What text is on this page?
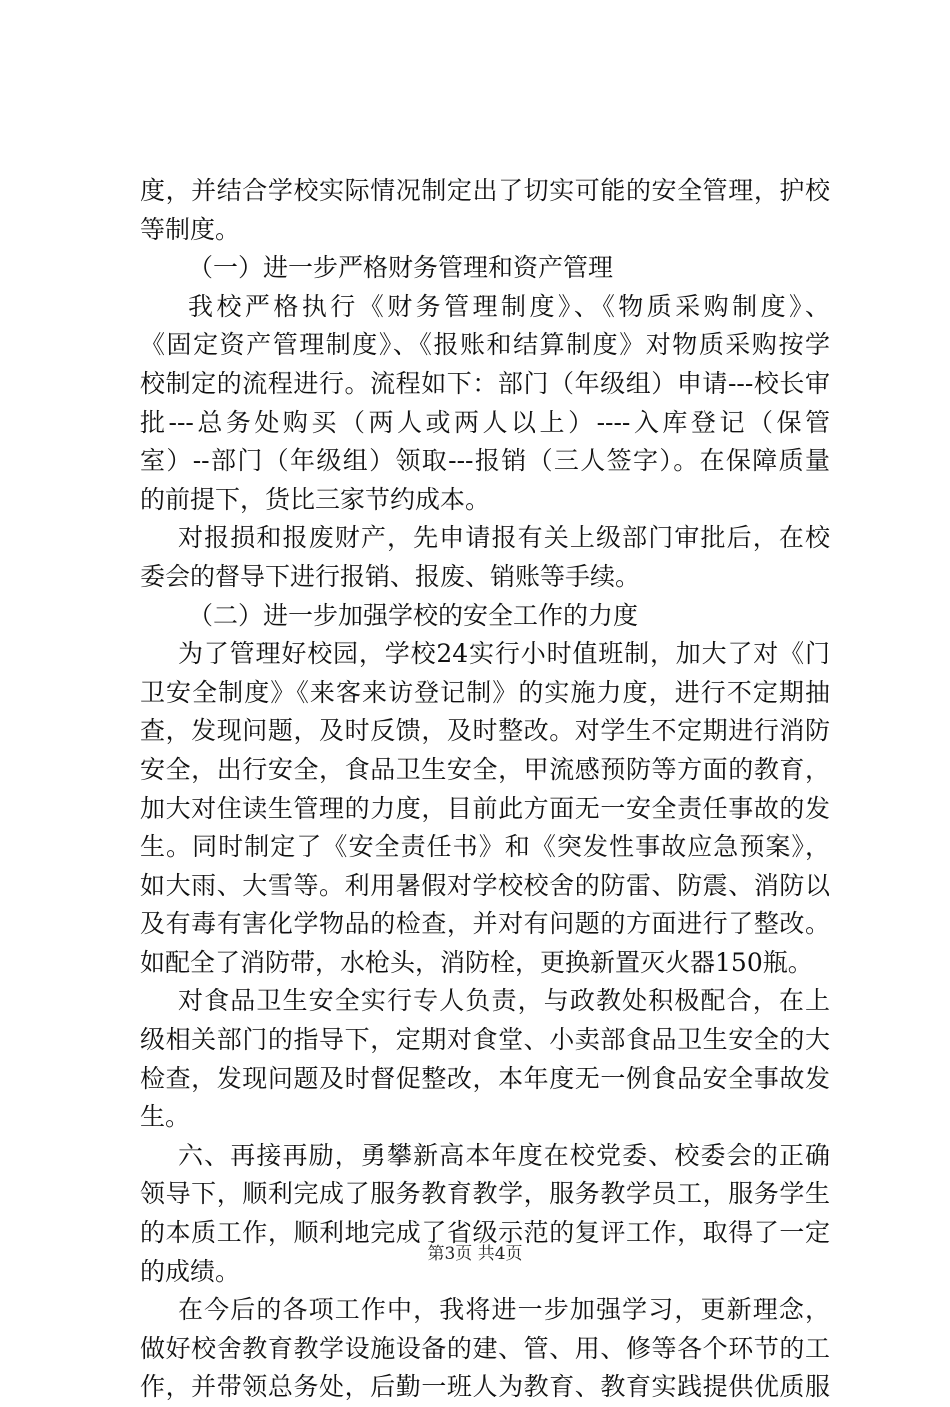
度，并结合学校实际情况制定出了切实可能的安全管理，护校
等制度。
（一）进一步严格财务管理和资产管理
我校严格执行《财务管理制度》、《物质采购制度》、
《固定资产管理制度》、《报账和结算制度》对物质采购按学
校制定的流程进行。流程如下：部门（年级组）申请---校长审
批---总务处购买（两人或两人以上）----入库登记（保管
室）--部门（年级组）领取---报销（三人签字）。在保障质量
的前提下，货比三家节约成本。
对报损和报废财产，先申请报有关上级部门审批后，在校
委会的督导下进行报销、报废、销账等手续。
（二）进一步加强学校的安全工作的力度
为了管理好校园，学校24实行小时值班制，加大了对《门
卫安全制度》《来客来访登记制》的实施力度，进行不定期抽
查，发现问题，及时反馈，及时整改。对学生不定期进行消防
安全，出行安全，食品卫生安全，甲流感预防等方面的教育，
加大对住读生管理的力度，目前此方面无一安全责任事故的发
生。同时制定了《安全责任书》和《突发性事故应急预案》，
如大雨、大雪等。利用暑假对学校校舍的防雷、防震、消防以
及有毒有害化学物品的检查，并对有问题的方面进行了整改。
如配全了消防带，水枪头，消防栓，更换新置灭火器150瓶。
对食品卫生安全实行专人负责，与政教处积极配合，在上
级相关部门的指导下，定期对食堂、小卖部食品卫生安全的大
检查，发现问题及时督促整改，本年度无一例食品安全事故发
生。
六、再接再励，勇攀新高本年度在校党委、校委会的正确
领导下，顺利完成了服务教育教学，服务教学员工，服务学生
的本质工作，顺利地完成了省级示范的复评工作，取得了一定
的成绩。
在今后的各项工作中，我将进一步加强学习，更新理念，
做好校舍教育教学设施设备的建、管、用、修等各个环节的工
作，并带领总务处，后勤一班人为教育、教育实践提供优质服
第3页 共4页
